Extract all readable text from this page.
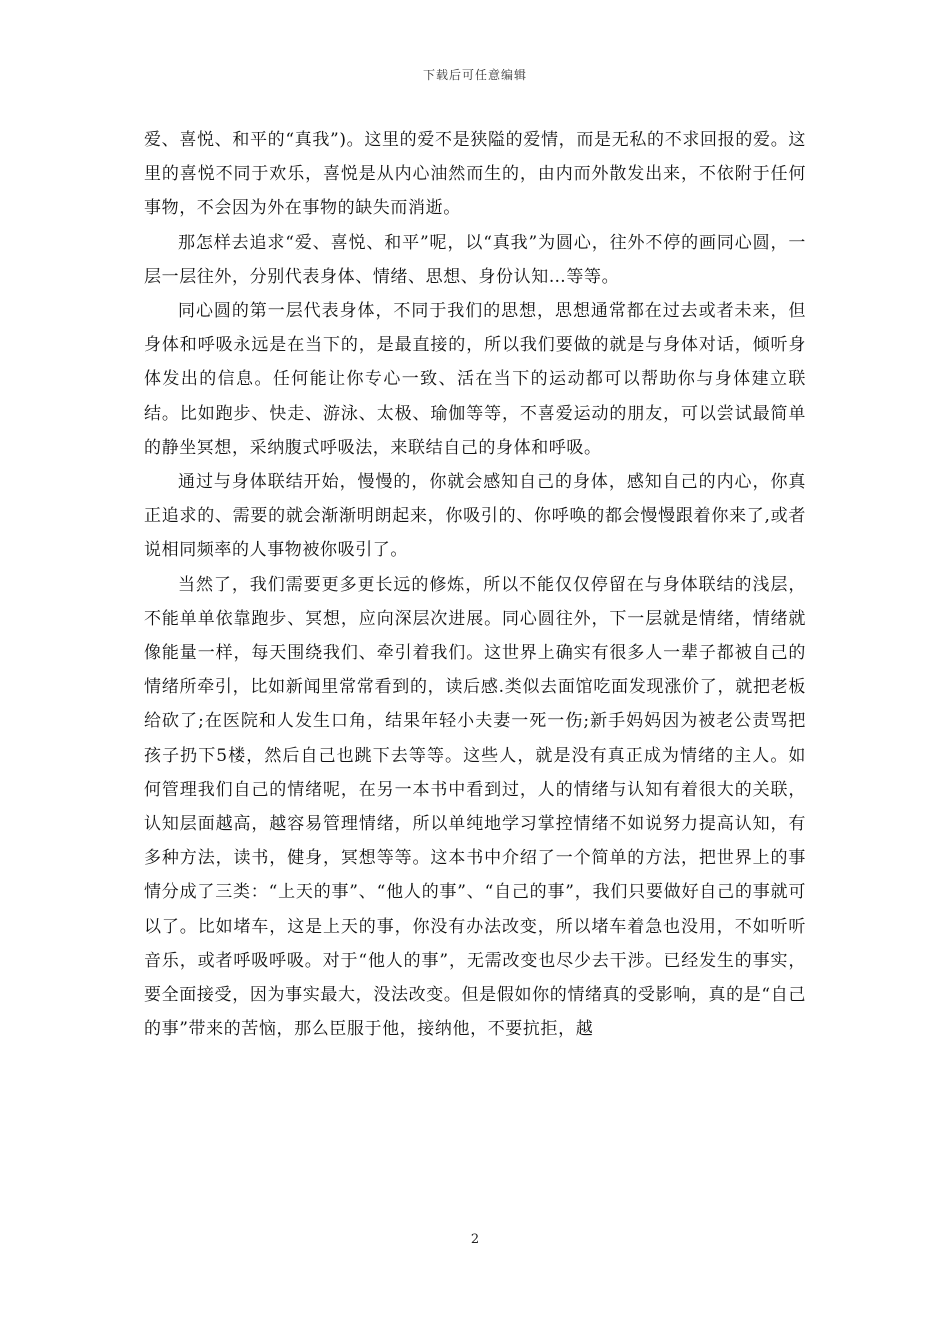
下载后可任意编辑

爱、喜悦、和平的“真我”)。这里的爱不是狭隘的爱情，而是无私的不求回报的爱。这里的喜悦不同于欢乐，喜悦是从内心油然而生的，由内而外散发出来，不依附于任何事物，不会因为外在事物的缺失而消逝。

那怎样去追求“爱、喜悦、和平”呢，以“真我”为圆心，往外不停的画同心圆，一层一层往外，分别代表身体、情绪、思想、身份认知…等等。

同心圆的第一层代表身体，不同于我们的思想，思想通常都在过去或者未来，但身体和呼吸永远是在当下的，是最直接的，所以我们要做的就是与身体对话，倾听身体发出的信息。任何能让你专心一致、活在当下的运动都可以帮助你与身体建立联结。比如跑步、快走、游泳、太极、瑜伽等等，不喜爱运动的朋友，可以尝试最简单的静坐冥想，采纳腹式呼吸法，来联结自己的身体和呼吸。

通过与身体联结开始，慢慢的，你就会感知自己的身体，感知自己的内心，你真正追求的、需要的就会渐渐明朗起来，你吸引的、你呼唤的都会慢慢跟着你来了,或者说相同频率的人事物被你吸引了。

当然了，我们需要更多更长远的修炼，所以不能仅仅停留在与身体联结的浅层，不能单单依靠跑步、冥想，应向深层次进展。同心圆往外，下一层就是情绪，情绪就像能量一样，每天围绕我们、牵引着我们。这世界上确实有很多人一辈子都被自己的情绪所牵引，比如新闻里常常看到的，读后感.类似去面馆吃面发现涨价了，就把老板给砍了;在医院和人发生口角，结果年轻小夫妻一死一伤;新手妈妈因为被老公责骂把孩子扔下5楼，然后自己也跳下去等等。这些人，就是没有真正成为情绪的主人。如何管理我们自己的情绪呢，在另一本书中看到过，人的情绪与认知有着很大的关联，认知层面越高，越容易管理情绪，所以单纯地学习掌控情绪不如说努力提高认知，有多种方法，读书，健身，冥想等等。这本书中介绍了一个简单的方法，把世界上的事情分成了三类：“上天的事”、“他人的事”、“自己的事”，我们只要做好自己的事就可以了。比如堵车，这是上天的事，你没有办法改变，所以堵车着急也没用，不如听听音乐，或者呼吸呼吸。对于“他人的事”，无需改变也尽少去干涉。已经发生的事实，要全面接受，因为事实最大，没法改变。但是假如你的情绪真的受影响，真的是“自己的事”带来的苦恼，那么臣服于他，接纳他，不要抗拒，越

2
